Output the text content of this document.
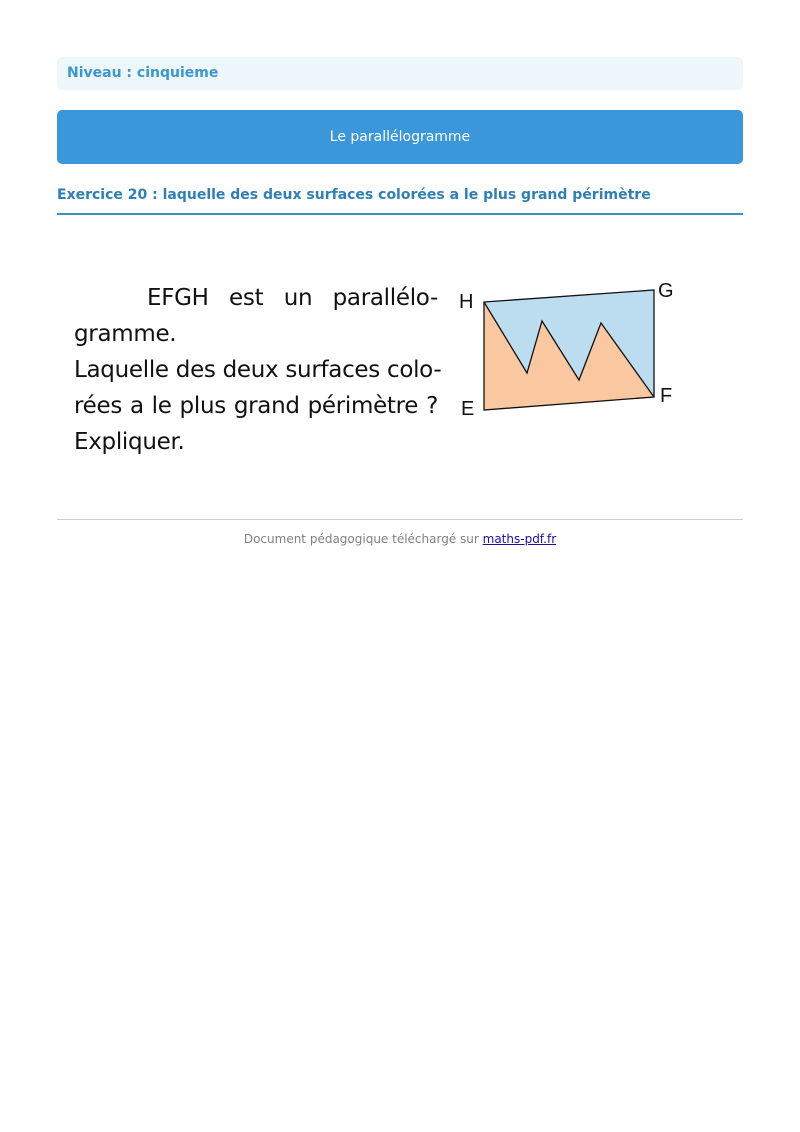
Niveau : cinquieme
Le parallélogramme
Exercice 20 : laquelle des deux surfaces colorées a le plus grand périmètre
EFGH est un parallélo-
gramme.
Laquelle des deux surfaces colo-
rées a le plus grand périmètre ?
Expliquer.
H	G
E
F
Document pédagogique téléchargé sur maths-pdf.fr
